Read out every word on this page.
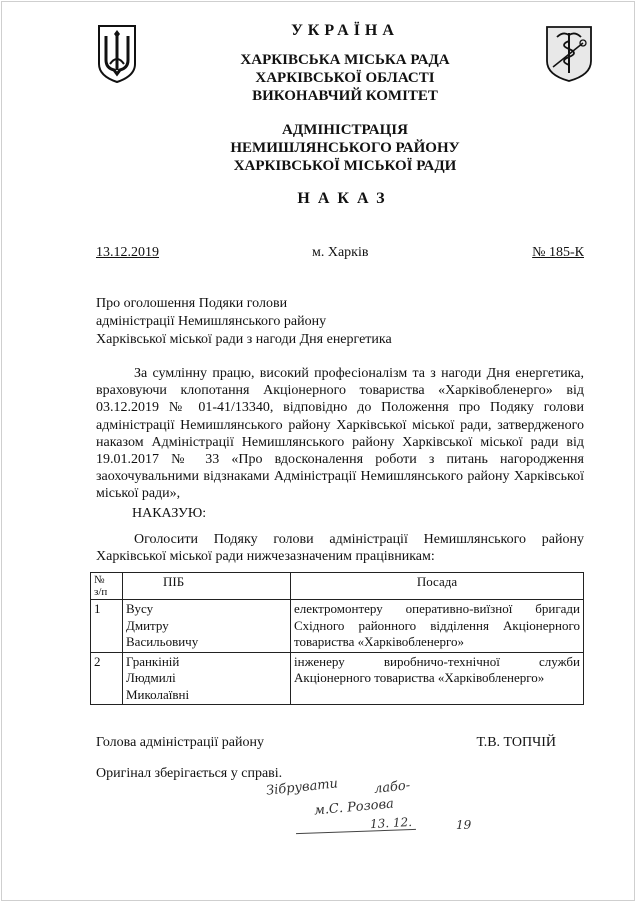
УКРАЇНА
ХАРКІВСЬКА МІСЬКА РАДА
ХАРКІВСЬКОЇ ОБЛАСТІ
ВИКОНАВЧИЙ КОМІТЕТ
АДМІНІСТРАЦІЯ
НЕМИШЛЯНСЬКОГО РАЙОНУ
ХАРКІВСЬКОЇ МІСЬКОЇ РАДИ
НАКАЗ
13.12.2019	м. Харків	№ 185-К
Про оголошення Подяки голови
адміністрації Немишлянського району
Харківської міської ради з нагоди Дня енергетика
За сумлінну працю, високий професіоналізм та з нагоди Дня енергетика, враховуючи клопотання Акціонерного товариства «Харківобленерго» від 03.12.2019 № 01-41/13340, відповідно до Положення про Подяку голови адміністрації Немишлянського району Харківської міської ради, затвердженого наказом Адміністрації Немишлянського району Харківської міської ради від 19.01.2017 № 33 «Про вдосконалення роботи з питань нагородження заохочувальними відзнаками Адміністрації Немишлянського району Харківської міської ради»,
НАКАЗУЮ:
Оголосити Подяку голови адміністрації Немишлянського району Харківської міської ради нижчезазначеним працівникам:
№
з/п	ПІБ	Посада
1	Вусу
Дмитру
Васильовичу	електромонтеру оперативно-виїзної бригади Східного районного відділення Акціонерного товариства «Харківобленерго»
2	Гранкіній
Людмилі
Миколаївні	інженеру виробничо-технічної служби Акціонерного товариства «Харківобленерго»
Голова адміністрації району	Т.В. ТОПЧІЙ
Оригінал зберігається у справі.
Зібрувати	лабо-
м.С. Розова
13. 12.	19
